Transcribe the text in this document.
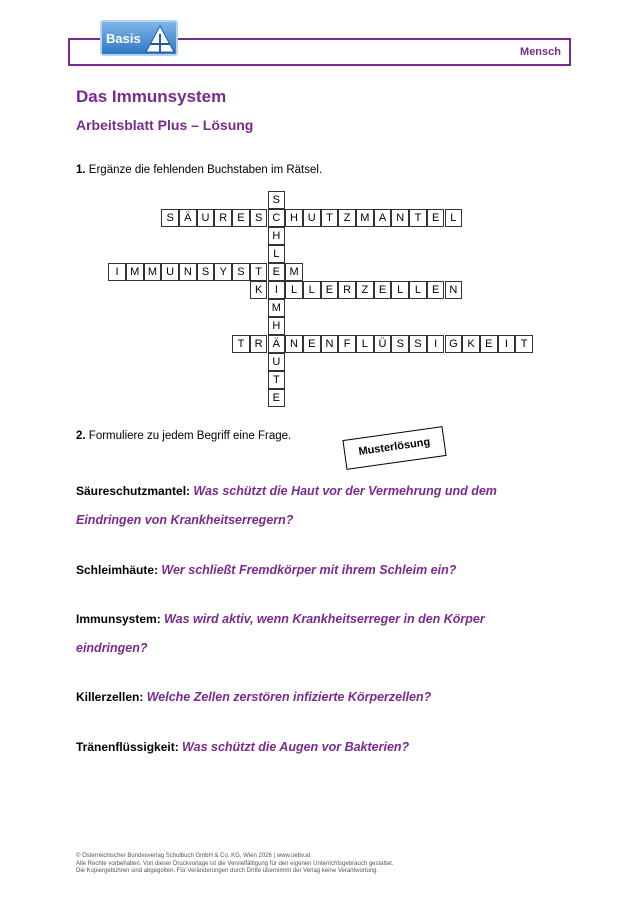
Mensch
Basis
Das Immunsystem
Arbeitsblatt Plus – Lösung
1. Ergänze die fehlenden Buchstaben im Rätsel.
S
S Ä U R E S C H U T Z M A N T E L
H
L
I	M M U N S Y S T E M
K	I	L	L E R Z E L	L E N
M
H
T R Ä N E N F	L Ü S S	I	G K E	I	T
U
T
E
2. Formuliere zu jedem Begriff eine Frage.
Musterlösung
Säureschutzmantel: Was schützt die Haut vor der Vermehrung und dem
Eindringen von Krankheitserregern?
Schleimhäute: Wer schließt Fremdkörper mit ihrem Schleim ein?
Immunsystem: Was wird aktiv, wenn Krankheitserreger in den Körper
eindringen?
Killerzellen: Welche Zellen zerstören infizierte Körperzellen?
Tränenflüssigkeit: Was schützt die Augen vor Bakterien?
© Österreichischer Bundesverlag Schulbuch GmbH & Co. KG, Wien 2026 | www.oebv.at
Alle Rechte vorbehalten. Von dieser Druckvorlage ist die Vervielfältigung für den eigenen Unterrichtsgebrauch gestattet.
Die Kopiergebühren sind abgegolten. Für Veränderungen durch Dritte übernimmt der Verlag keine Verantwortung.
